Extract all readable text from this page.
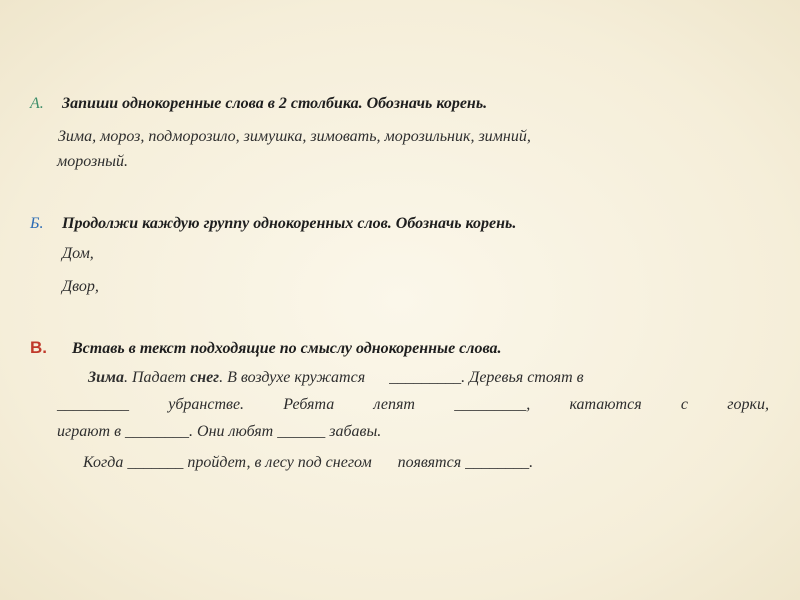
А. Запиши однокоренные слова в 2 столбика. Обозначь корень.
Зима, мороз, подморозило, зимушка, зимовать, морозильник, зимний,
морозный.
Б. Продолжи каждую группу однокоренных слов. Обозначь корень.
Дом,
Двор,
В. Вставь в текст подходящие по смыслу однокоренные слова.
Зима. Падает снег. В воздухе кружатся _________. Деревья стоят в
_________ убранстве. Ребята лепят _________, катаются с горки,
играют в ________. Они любят ______ забавы.
Когда _______ пройдет, в лесу под снегом появятся ________.
